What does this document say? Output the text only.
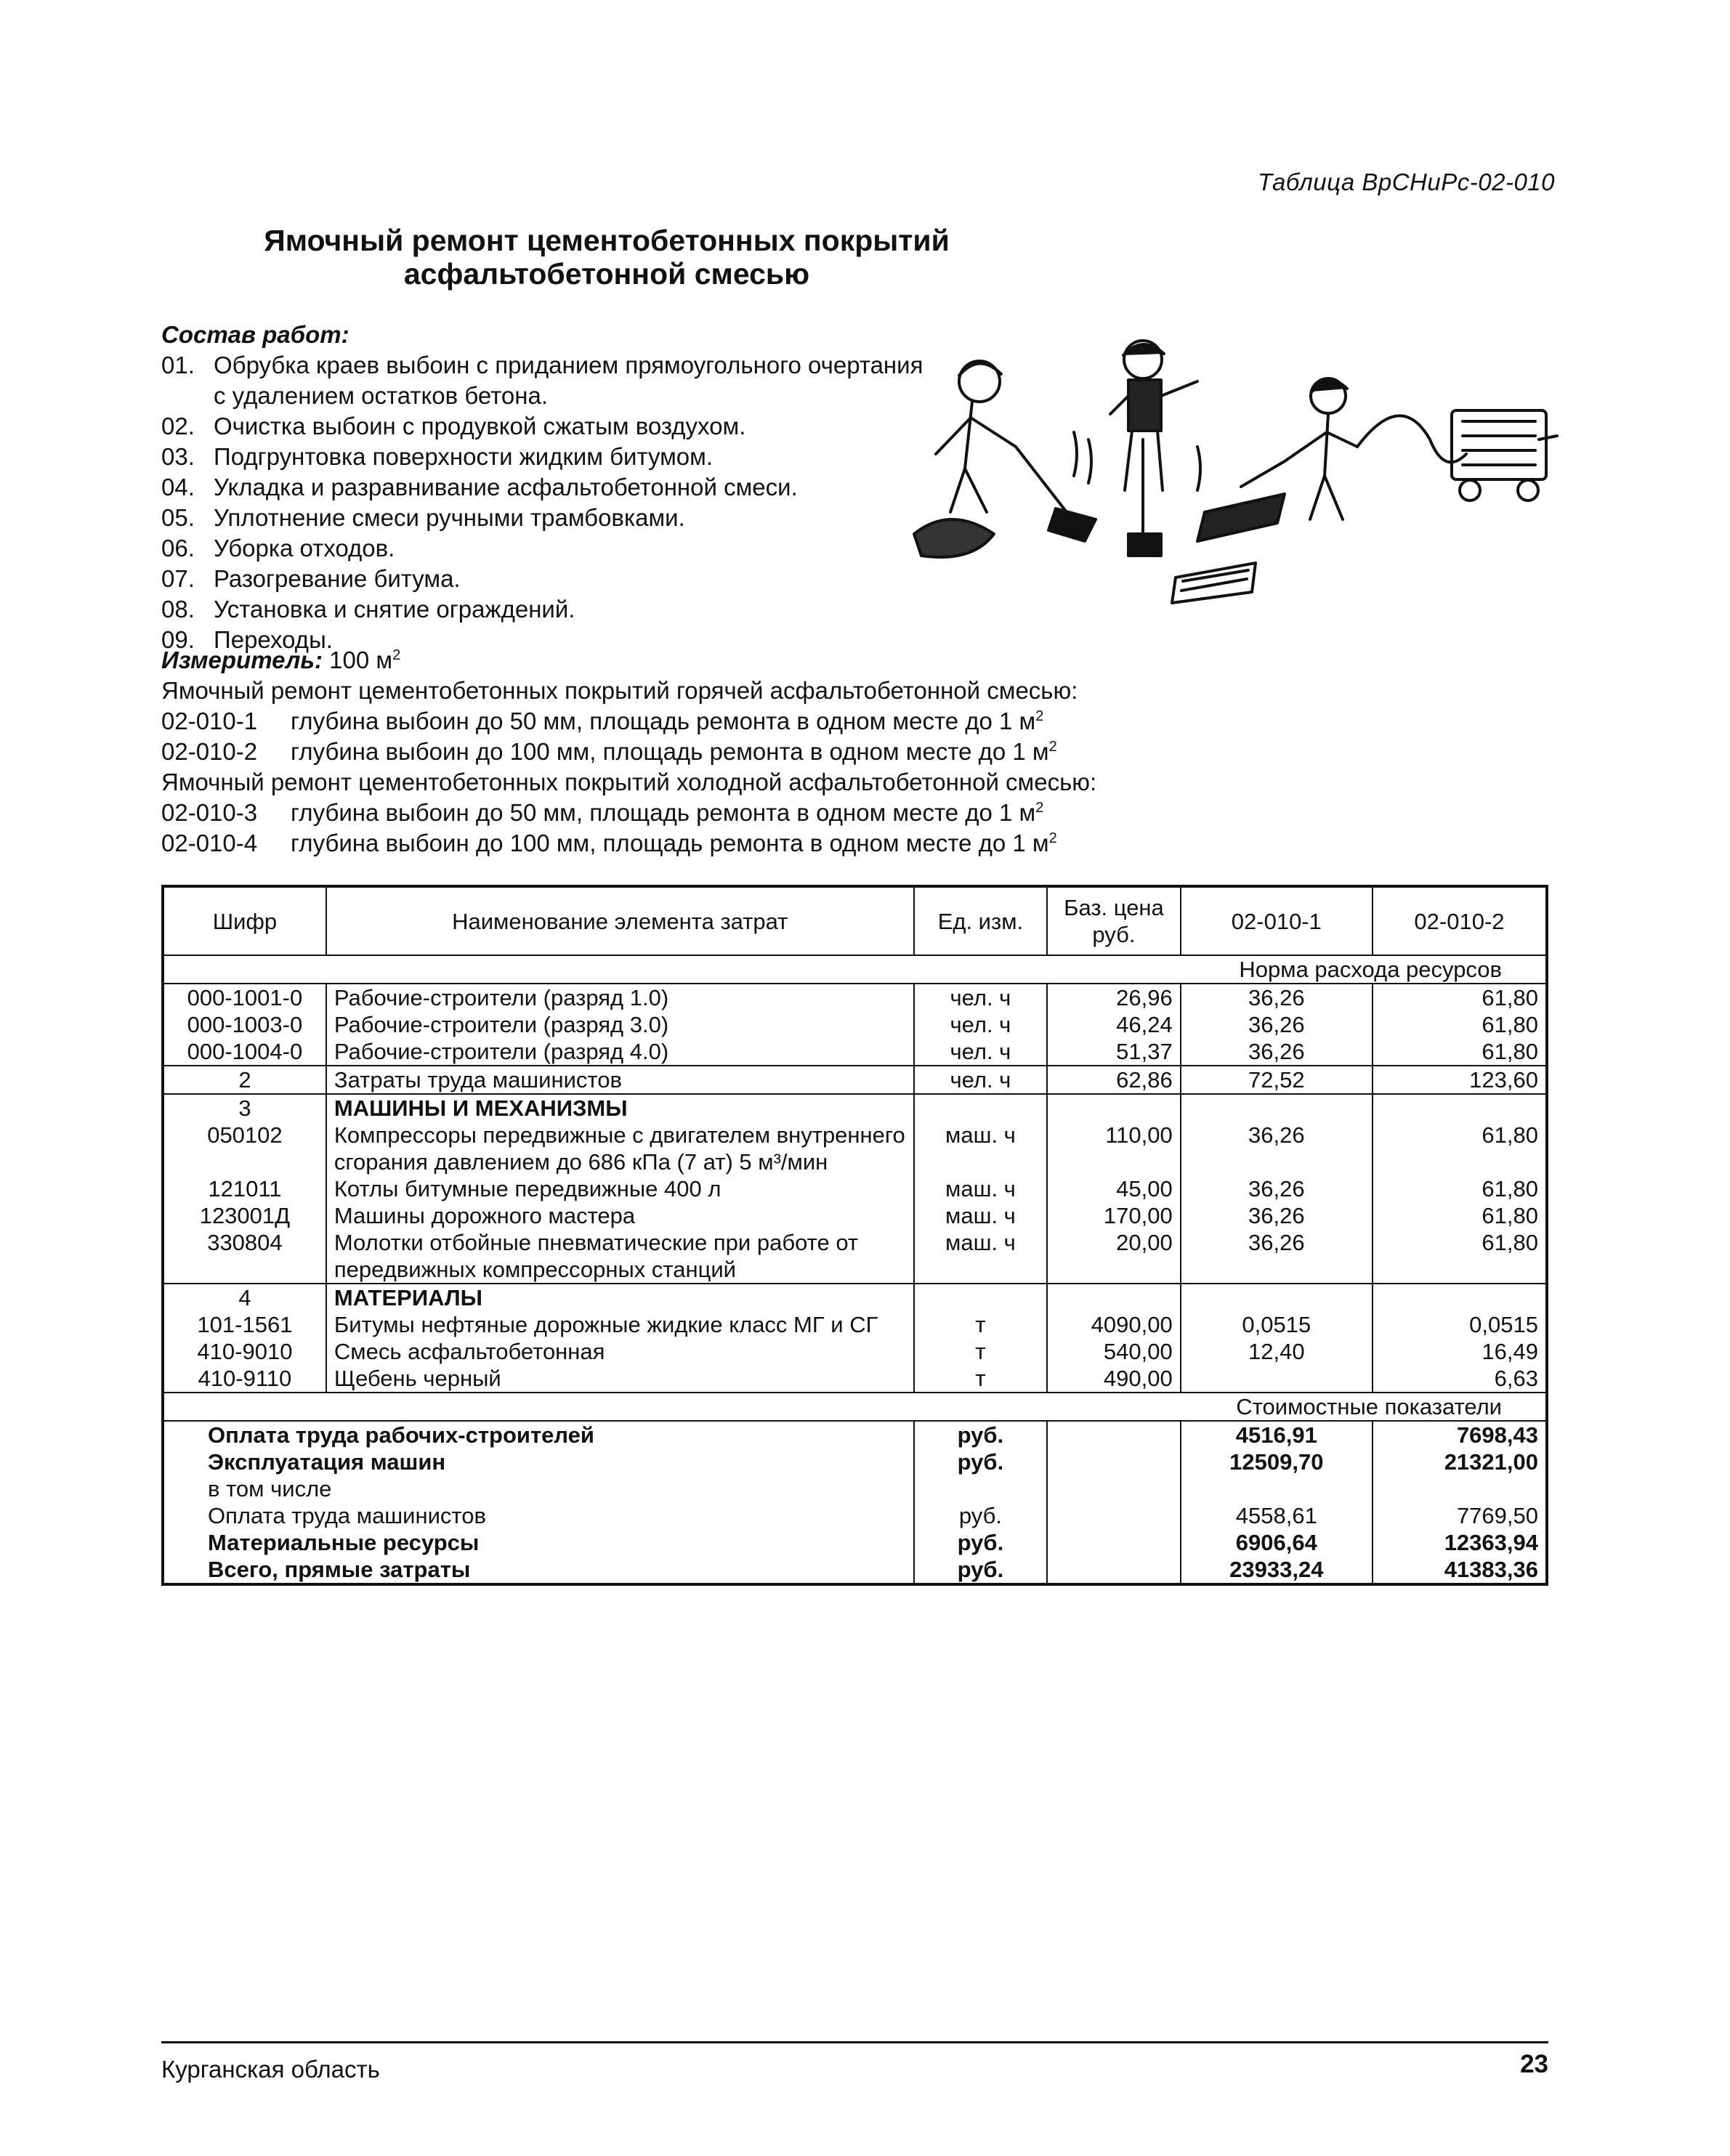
Таблица ВрСНиРс-02-010
Ямочный ремонт цементобетонных покрытий
асфальтобетонной смесью
Состав работ:
01. Обрубка краев выбоин с приданием прямоугольного очертания с удалением остатков бетона.
02. Очистка выбоин с продувкой сжатым воздухом.
03. Подгрунтовка поверхности жидким битумом.
04. Укладка и разравнивание асфальтобетонной смеси.
05. Уплотнение смеси ручными трамбовками.
06. Уборка отходов.
07. Разогревание битума.
08. Установка и снятие ограждений.
09. Переходы.
Измеритель: 100 $м^2$
Ямочный ремонт цементобетонных покрытий горячей асфальтобетонной смесью:
02-010-1	глубина выбоин до 50 мм, площадь ремонта в одном месте до 1 $м^2$
02-010-2	глубина выбоин до 100 мм, площадь ремонта в одном месте до 1 $м^2$
Ямочный ремонт цементобетонных покрытий холодной асфальтобетонной смесью:
02-010-3	глубина выбоин до 50 мм, площадь ремонта в одном месте до 1 $м^2$
02-010-4	глубина выбоин до 100 мм, площадь ремонта в одном месте до 1 $м^2$
Шифр	Наименование элемента затрат	Ед. изм.	Баз. цена руб.	02-010-1	02-010-2
Норма расхода ресурсов					
000-1001-0	Рабочие-строители (разряд 1.0)	чел. ч	26,96	36,26	61,80
000-1003-0	Рабочие-строители (разряд 3.0)	чел. ч	46,24	36,26	61,80
000-1004-0	Рабочие-строители (разряд 4.0)	чел. ч	51,37	36,26	61,80
2	Затраты труда машинистов	чел. ч	62,86	72,52	123,60
3	МАШИНЫ И МЕХАНИЗМЫ				
050102	Компрессоры передвижные с двигателем внутреннего сгорания давлением до 686 кПа (7 ат) 5 м³/мин	маш. ч	110,00	36,26	61,80
121011	Котлы битумные передвижные 400 л	маш. ч	45,00	36,26	61,80
123001Д	Машины дорожного мастера	маш. ч	170,00	36,26	61,80
330804	Молотки отбойные пневматические при работе от передвижных компрессорных станций	маш. ч	20,00	36,26	61,80
4	МАТЕРИАЛЫ				
101-1561	Битумы нефтяные дорожные жидкие класс МГ и СГ	т	4090,00	0,0515	0,0515
410-9010	Смесь асфальтобетонная	т	540,00	12,40	16,49
410-9110	Щебень черный	т	490,00		6,63
Стоимостные показатели					
Оплата труда рабочих-строителей		руб.		4516,91	7698,43
Эксплуатация машин		руб.		12509,70	21321,00
в том числе					
Оплата труда машинистов		руб.		4558,61	7769,50
Материальные ресурсы		руб.		6906,64	12363,94
Всего, прямые затраты		руб.		23933,24	41383,36
Курганская область	23
